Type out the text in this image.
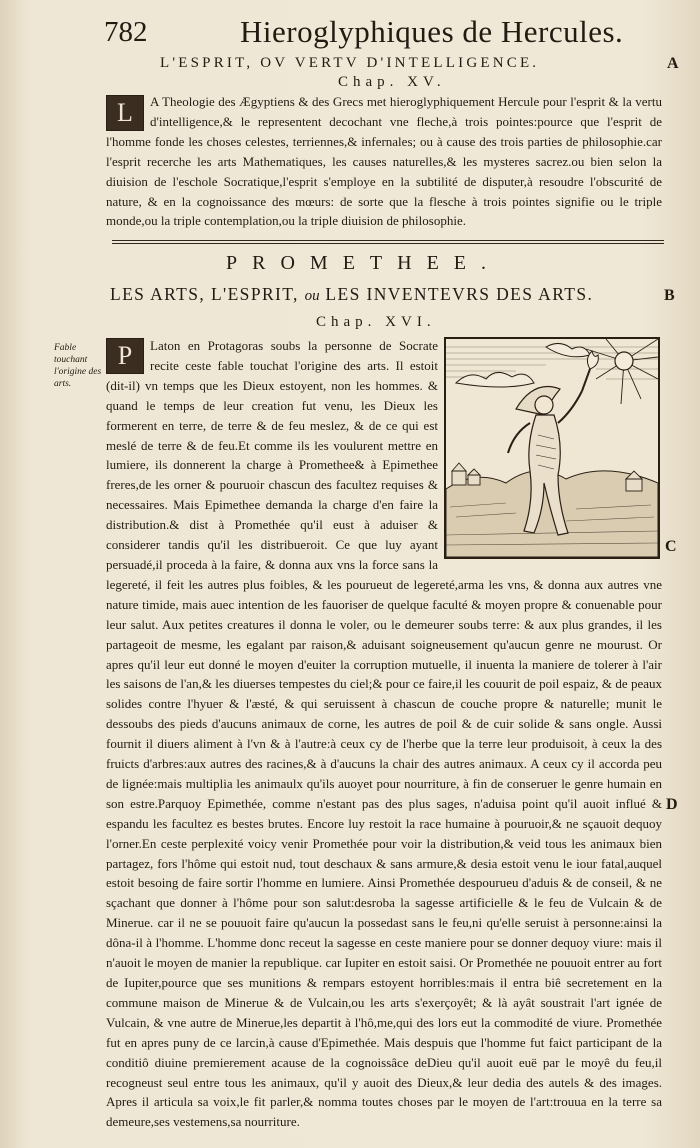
782	Hieroglyphiques de Hercules.
L'ESPRIT, OV VERTV D'INTELLIGENCE.	A
Chap. XV.
L A Theologie des Ægyptiens & des Grecs met hieroglyphiquement Hercule pour l'esprit & la vertu d'intelligence,& le representent decochant vne fleche,à trois pointes:pource que l'esprit de l'homme fonde les choses celestes, terriennes,& infernales; ou à cause des trois parties de philosophie.car l'esprit recerche les arts Mathematiques, les causes naturelles,& les mysteres sacrez.ou bien selon la diuision de l'eschole Socratique,l'esprit s'employe en la subtilité de disputer,à resoudre l'obscurité de nature, & en la cognoissance des mœurs: de sorte que la flesche à trois pointes signifie ou le triple monde,ou la triple contemplation,ou la triple diuision de philosophie.
PROMETHEE.
LES ARTS, L'ESPRIT, ou LES INVENTEVRS DES ARTS.	B
Chap. XVI.
Fable touchant l'origine des arts.
C
D
P Laton en Protagoras soubs la personne de Socrate recite ceste fable touchat l'origine des arts. Il estoit (dit-il) vn temps que les Dieux estoyent, non les hommes. & quand le temps de leur creation fut venu, les Dieux les formerent en terre, de terre & de feu meslez, & de ce qui est meslé de terre & de feu.Et comme ils les voulurent mettre en lumiere, ils donnerent la charge à Promethee& à Epimethee freres,de les orner & pouruoir chascun des facultez requises & necessaires. Mais Epimethee demanda la charge d'en faire la distribution.& dist à Promethée qu'il eust à aduiser & considerer tandis qu'il les distribueroit. Ce que luy ayant persuadé,il proceda à la faire, & donna aux vns la force sans la legereté, il feit les autres plus foibles, & les pourueut de legereté,arma les vns, & donna aux autres vne nature timide, mais auec intention de les fauoriser de quelque faculté & moyen propre & conuenable pour leur salut. Aux petites creatures il donna le voler, ou le demeurer soubs terre: & aux plus grandes, il les partageoit de mesme, les egalant par raison,& aduisant soigneusement qu'aucun genre ne mourust. Or apres qu'il leur eut donné le moyen d'euiter la corruption mutuelle, il inuenta la maniere de tolerer à l'air les saisons de l'an,& les diuerses tempestes du ciel;& pour ce faire,il les couurit de poil espaiz, & de peaux solides contre l'hyuer & l'æsté, & qui seruissent à chascun de couche propre & naturelle; munit le dessoubs des pieds d'aucuns animaux de corne, les autres de poil & de cuir solide & sans ongle. Aussi fournit il diuers aliment à l'vn & à l'autre:à ceux cy de l'herbe que la terre leur produisoit, à ceux la des fruicts d'arbres:aux autres des racines,& à d'aucuns la chair des autres animaux. A ceux cy il accorda peu de lignée:mais multiplia les animaulx qu'ils auoyet pour nourriture, à fin de conseruer le genre humain en son estre.Parquoy Epimethée, comme n'estant pas des plus sages, n'aduisa point qu'il auoit influé & espandu les facultez es bestes brutes. Encore luy restoit la race humaine à pouruoir,& ne sçauoit dequoy l'orner.En ceste perplexité voicy venir Promethée pour voir la distribution,& veid tous les animaux bien partagez, fors l'hôme qui estoit nud, tout deschaux & sans armure,& desia estoit venu le iour fatal,auquel estoit besoing de faire sortir l'homme en lumiere. Ainsi Promethée despourueu d'aduis & de conseil, & ne sçachant que donner à l'hôme pour son salut:desroba la sagesse artificielle & le feu de Vulcain & de Minerue. car il ne se pouuoit faire qu'aucun la possedast sans le feu,ni qu'elle seruist à personne:ainsi la dôna-il à l'homme. L'homme donc receut la sagesse en ceste maniere pour se donner dequoy viure: mais il n'auoit le moyen de manier la republique. car Iupiter en estoit saisi. Or Promethée ne pouuoit entrer au fort de Iupiter,pource que ses munitions & rempars estoyent horribles:mais il entra biê secretement en la commune maison de Minerue & de Vulcain,ou les arts s'exerçoyêt; & là ayât soustrait l'art ignée de Vulcain, & vne autre de Minerue,les departit à l'hô,me,qui des lors eut la commodité de viure. Promethée fut en apres puny de ce larcin,à cause d'Epimethée. Mais despuis que l'homme fut faict participant de la conditiô diuine premierement acause de la cognoissâce deDieu qu'il auoit euë par le moyê du feu,il recogneust seul entre tous les animaux, qu'il y auoit des Dieux,& leur dedia des autels & des images. Apres il articula sa voix,le fit parler,& nomma toutes choses par le moyen de l'art:trouua en la terre sa demeure,ses vestemens,sa nourriture.
